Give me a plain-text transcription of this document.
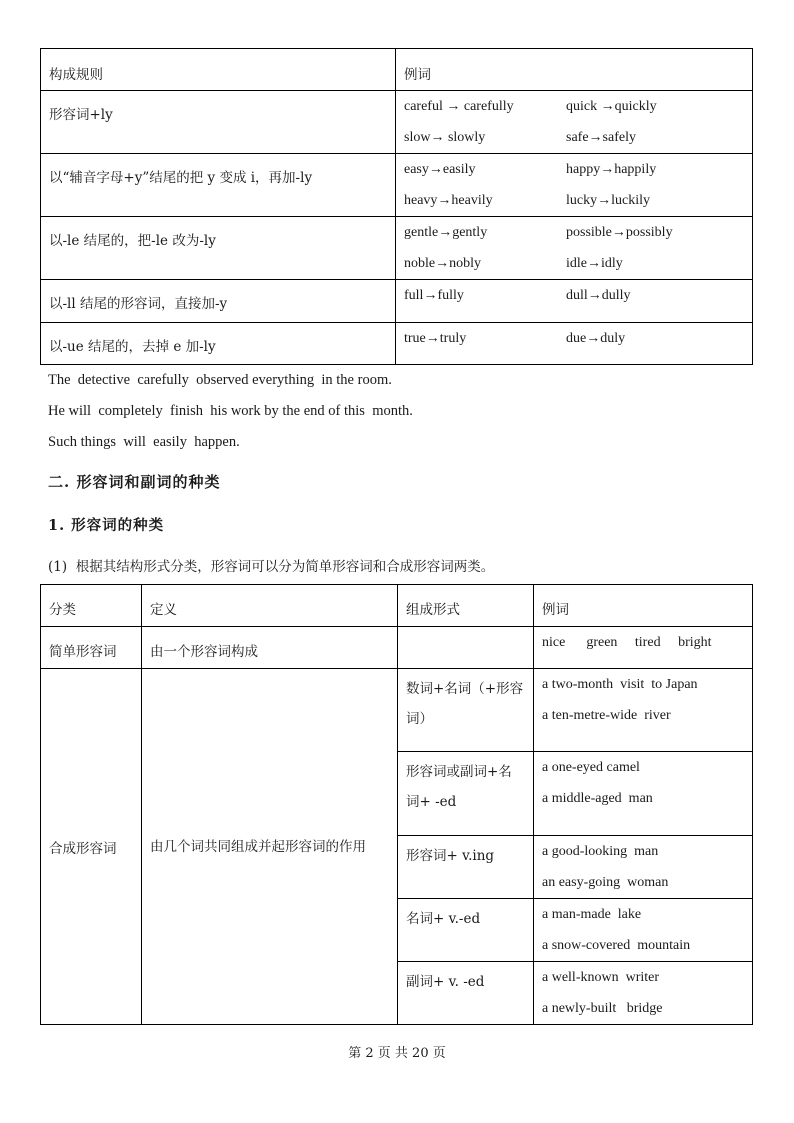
构成规则	例词

形容词+ly	careful → carefully quick →quickly
slow→ slowly safe→safely

以“辅音字母+y”结尾的把 y 变成 i，再加-ly	easy→easily happy→happily
heavy→heavily lucky→luckily

以-le 结尾的，把-le 改为-ly	gentle→gently possible→possibly
noble→nobly idle→idly

以-ll 结尾的形容词，直接加-y	full→fully dull→dully

以-ue 结尾的，去掉 e 加-ly	true→truly due→duly
The  detective  carefully  observed everything  in the room.
He will  completely  finish  his work by the end of this  month.
Such things  will  easily  happen.
二. 形容词和副词的种类
1. 形容词的种类
(1)  根据其结构形式分类，形容词可以分为简单形容词和合成形容词两类。
分类	定义	组成形式	例词

简单形容词	由一个形容词构成		nice      green     tired     bright

合成形容词	由几个词共同组成并起形容词的作用	数词+名词（+形容词）	a two-month  visit  to Japan
a ten-metre-wide  river

		形容词或副词+名词+ -ed	a one-eyed camel
a middle-aged  man

		形容词+ v.ing	a good-looking  man
an easy-going  woman

		名词+ v.-ed	a man-made  lake
a snow-covered  mountain

		副词+ v. -ed	a well-known  writer
a newly-built   bridge
第 2 页 共 20 页
